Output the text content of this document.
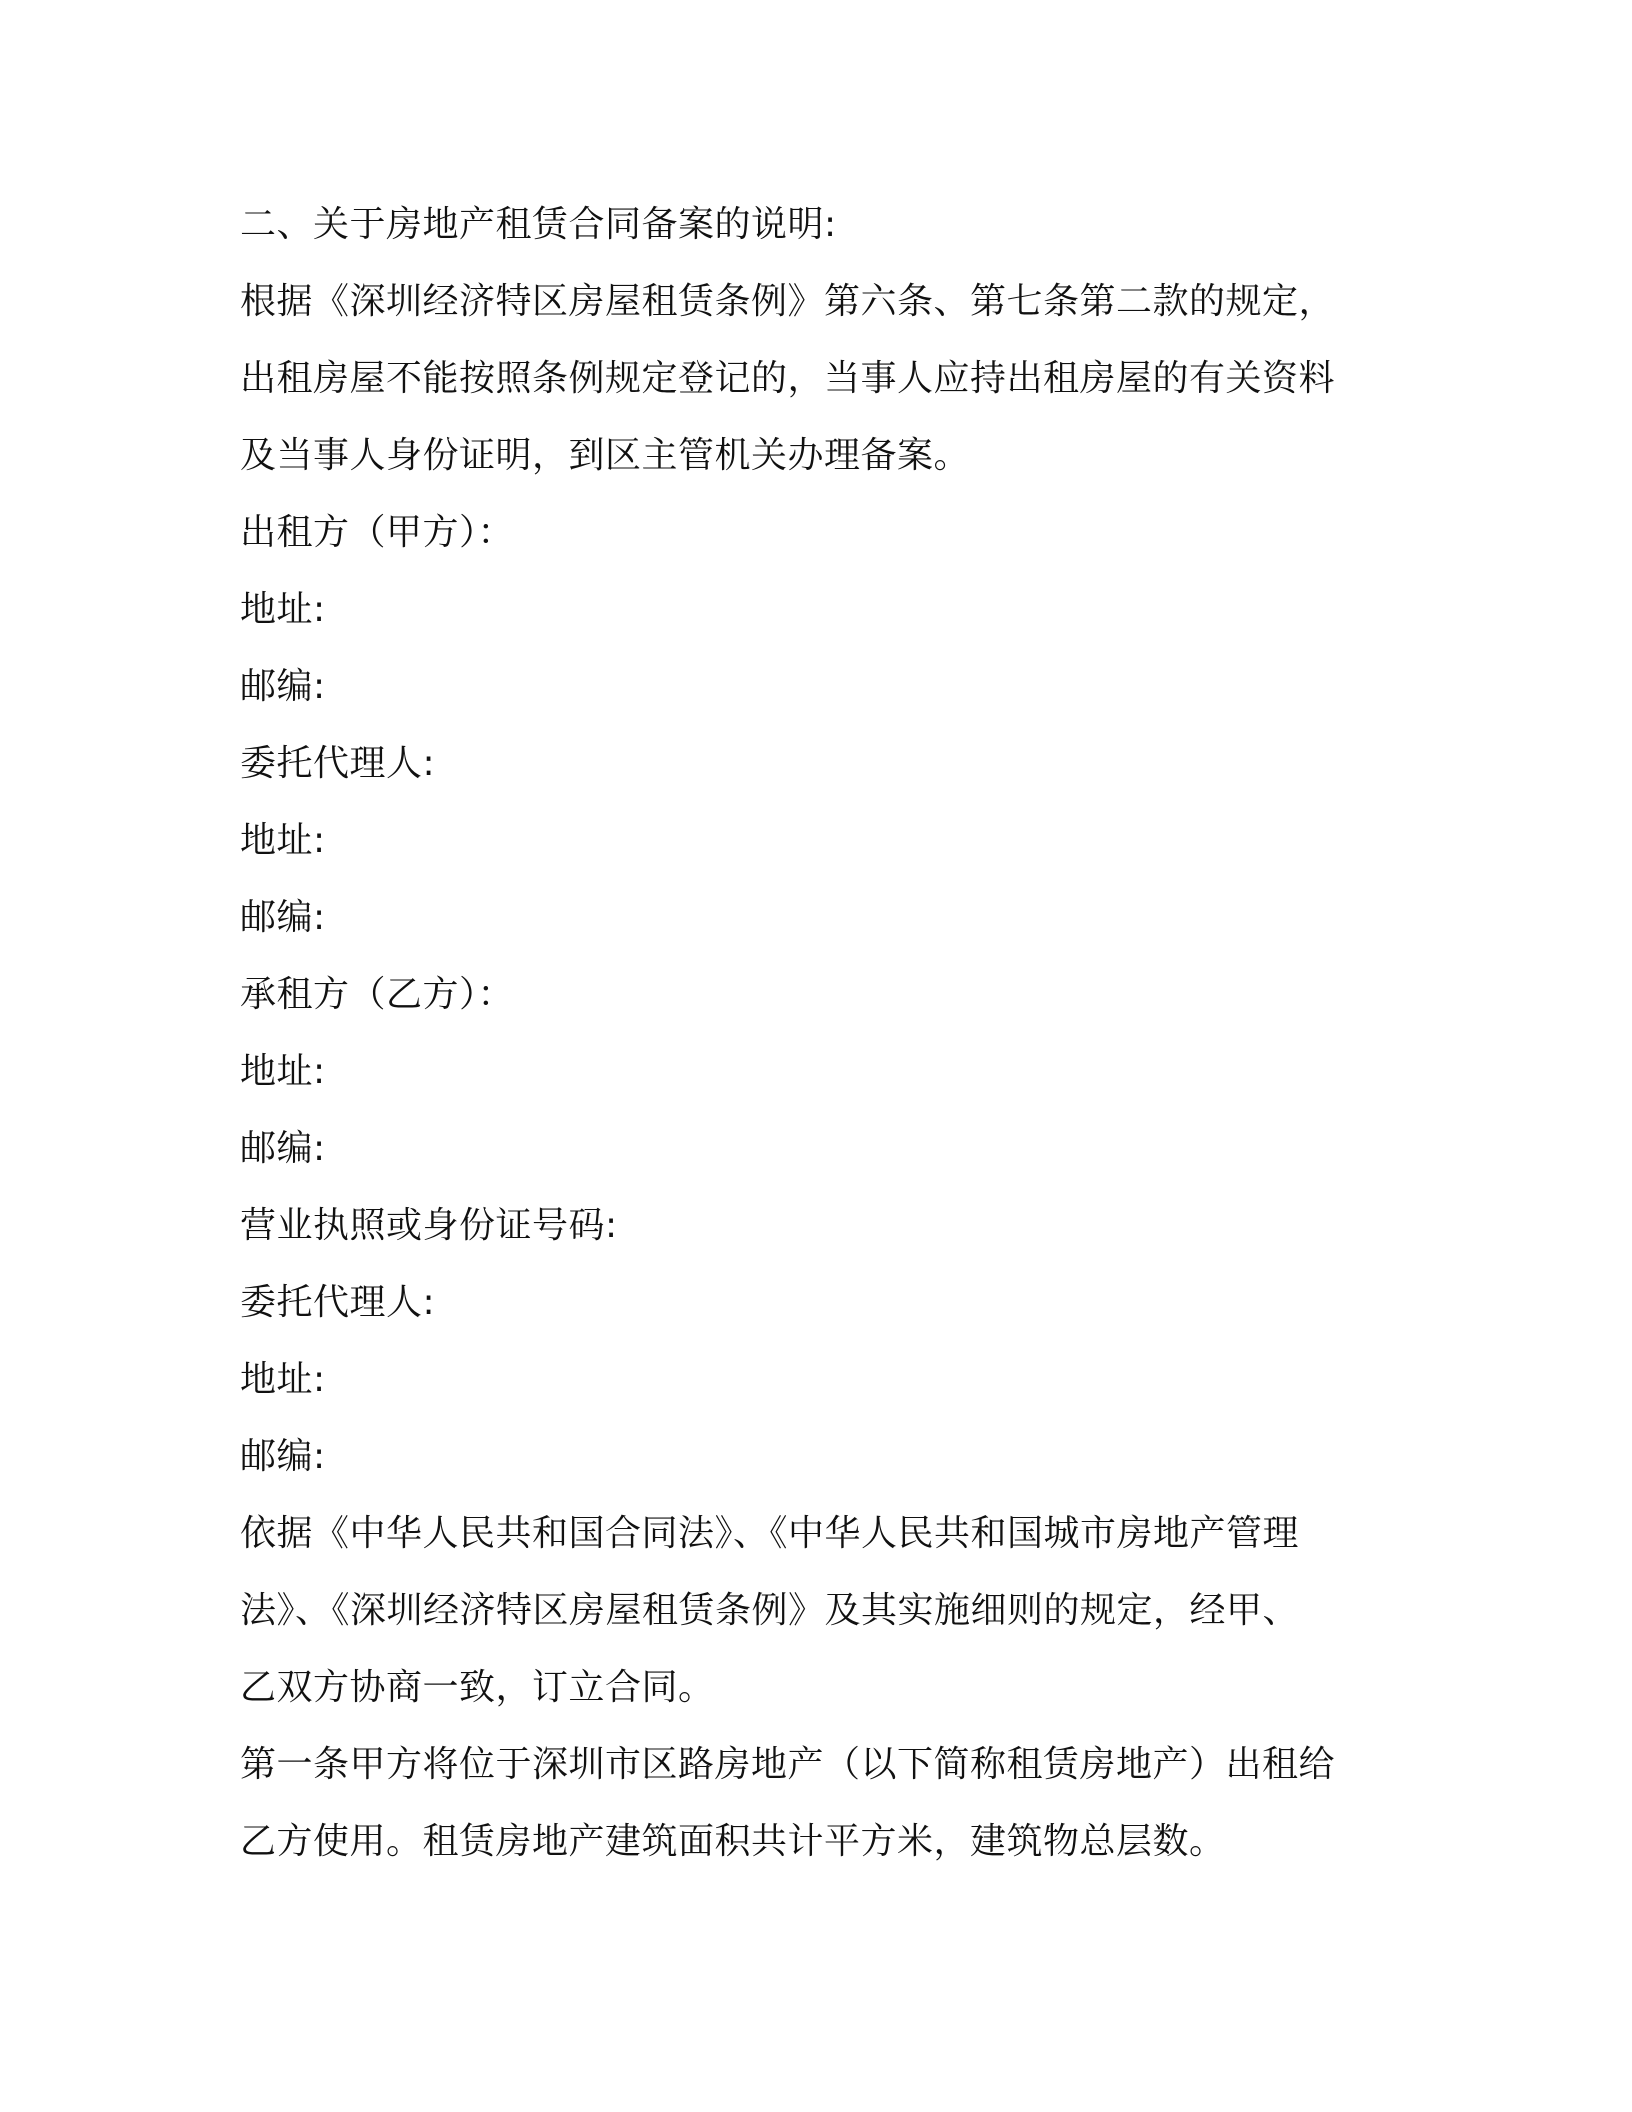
二、关于房地产租赁合同备案的说明:
根据《深圳经济特区房屋租赁条例》第六条、第七条第二款的规定，
出租房屋不能按照条例规定登记的，当事人应持出租房屋的有关资料
及当事人身份证明，到区主管机关办理备案。
出租方（甲方）：
地址:
邮编:
委托代理人:
地址:
邮编:
承租方（乙方）：
地址:
邮编:
营业执照或身份证号码:
委托代理人:
地址:
邮编:
依据《中华人民共和国合同法》、《中华人民共和国城市房地产管理
法》、《深圳经济特区房屋租赁条例》及其实施细则的规定，经甲、
乙双方协商一致，订立合同。
第一条甲方将位于深圳市区路房地产（以下简称租赁房地产）出租给
乙方使用。租赁房地产建筑面积共计平方米，建筑物总层数。
